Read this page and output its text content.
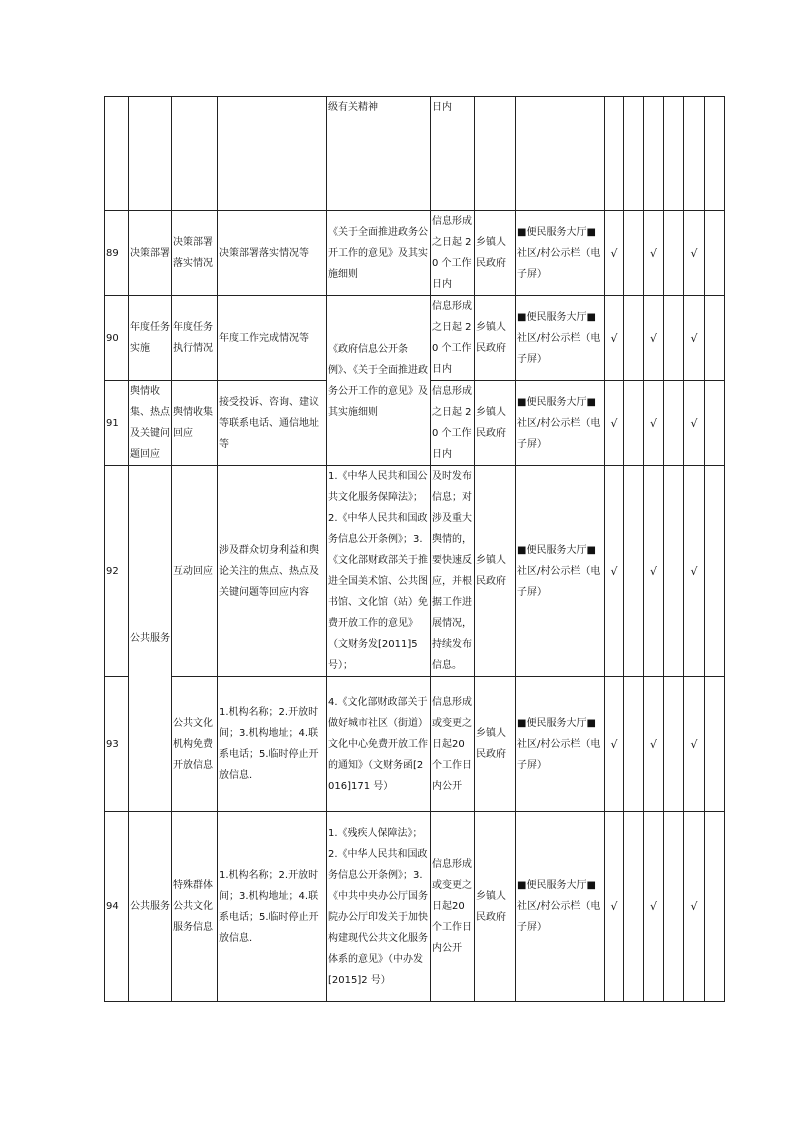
				级有关精神	日内								
89	决策部署	决策部署落实情况	决策部署落实情况等	《关于全面推进政务公开工作的意见》及其实施细则	信息形成之日起 20 个工作日内	乡镇人民政府	■便民服务大厅■社区/村公示栏（电子屏）	√		√		√	
90	年度任务实施	年度任务执行情况	年度工作完成情况等	《政府信息公开条例》、《关于全面推进政务公开工作的意见》及其实施细则	信息形成之日起 20 个工作日内	乡镇人民政府	■便民服务大厅■社区/村公示栏（电子屏）	√		√		√	
91	舆情收集、热点及关键问题回应	舆情收集回应	接受投诉、咨询、建议等联系电话、通信地址等		信息形成之日起 20 个工作日内	乡镇人民政府	■便民服务大厅■社区/村公示栏（电子屏）	√		√		√	
92	公共服务	互动回应	涉及群众切身利益和舆论关注的焦点、热点及关键问题等回应内容	1.《中华人民共和国公共文化服务保障法》；
2.《中华人民共和国政务信息公开条例》；3.《文化部财政部关于推进全国美术馆、公共图书馆、文化馆（站）免费开放工作的意见》（文财务发[2011]5 号）；	及时发布信息；对涉及重大舆情的，要快速反应，并根据工作进展情况，持续发布信息。	乡镇人民政府	■便民服务大厅■社区/村公示栏（电子屏）	√		√		√	
93		公共文化机构免费开放信息	1.机构名称；2.开放时间；3.机构地址；4.联系电话；5.临时停止开放信息.	4.《文化部财政部关于做好城市社区（街道）文化中心免费开放工作的通知》（文财务函[2016]171 号）	信息形成或变更之日起20个工作日内公开	乡镇人民政府	■便民服务大厅■社区/村公示栏（电子屏）	√		√		√	
94	公共服务	特殊群体公共文化服务信息	1.机构名称；2.开放时间；3.机构地址；4.联系电话；5.临时停止开放信息.	1.《残疾人保障法》；
2.《中华人民共和国政务信息公开条例》；3.《中共中央办公厅国务院办公厅印发关于加快构建现代公共文化服务体系的意见》（中办发[2015]2 号）	信息形成或变更之日起20个工作日内公开	乡镇人民政府	■便民服务大厅■社区/村公示栏（电子屏）	√		√		√	
